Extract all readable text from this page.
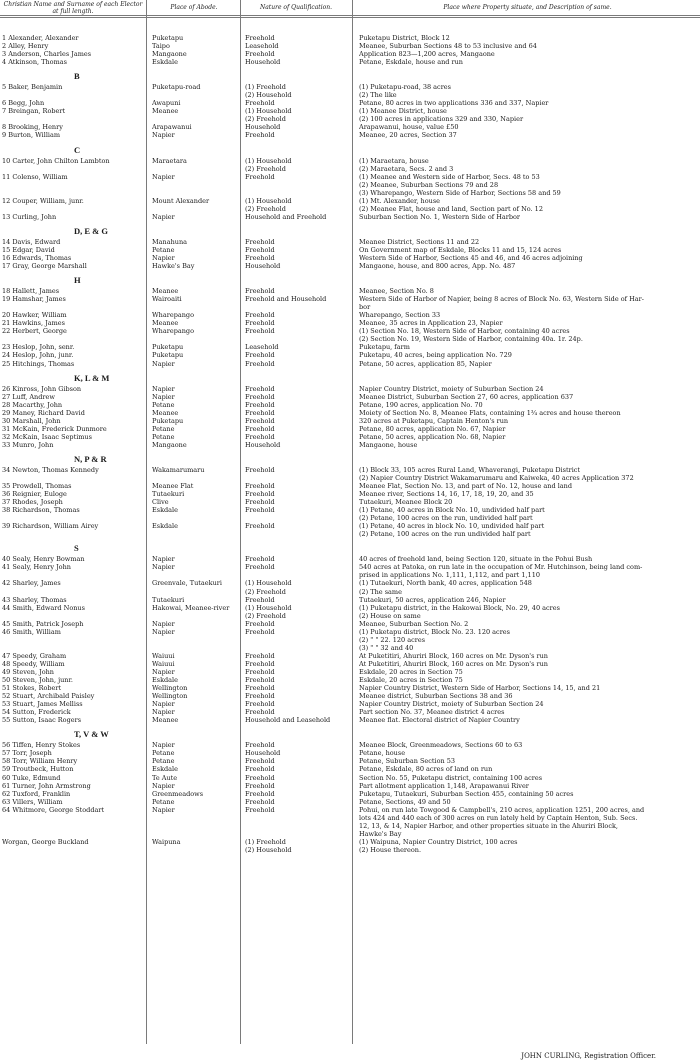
Christian Name and Surname of each Elector at full length.
Place of Abode.	Nature of Qualification.	Place where Property situate, and Description of same.
1 Alexander, Alexander	Puketapu	Freehold	Puketapu District, Block 12
2 Alley, Henry	Taipo	Leasehold	Meanee, Suburban Sections 48 to 53 inclusive and 64
3 Anderson, Charles James	Mangaone	Freehold	Application 823—1,200 acres, Mangaone
4 Atkinson, Thomas	Eskdale	Household	Petane, Eskdale, house and run
B
5 Baker, Benjamin	Puketapu-road	(1) Freehold	(1) Puketapu-road, 38 acres
(2) Household	(2) The like
6 Begg, John	Awapuni	Freehold	Petane, 80 acres in two applications 336 and 337, Napier
7 Breingan, Robert	Meanee	(1) Household	(1) Meanee District, house
(2) Freehold	(2) 100 acres in applications 329 and 330, Napier
8 Brooking, Henry	Arapawanui	Household	Arapawanui, house, value £50
9 Burton, William	Napier	Freehold	Meanee, 20 acres, Section 37
C
10 Carter, John Chilton Lambton	Maraetara	(1) Household	(1) Maraetara, house
(2) Freehold	(2) Maraetara, Secs. 2 and 3
11 Colenso, William	Napier	Freehold	(1) Meanee and Western side of Harbor, Secs. 48 to 53
(2) Meanee, Suburban Sections 79 and 28
(3) Wharepango, Western Side of Harbor, Sections 58 and 59
12 Couper, William, junr.	Mount Alexander	(1) Household	(1) Mt. Alexander, house
(2) Freehold	(2) Meanee Flat, house and land, Section part of No. 12
13 Curling, John	Napier	Household and Freehold	Suburban Section No. 1, Western Side of Harbor
D, E & G
14 Davis, Edward	Manahuna	Freehold	Meanee District, Sections 11 and 22
15 Edgar, David	Petane	Freehold	On Government map of Eskdale, Blocks 11 and 15, 124 acres
16 Edwards, Thomas	Napier	Freehold	Western Side of Harbor, Sections 45 and 46, and 46 acres adjoining
17 Gray, George Marshall	Hawke's Bay	Household	Mangaone, house, and 800 acres, App. No. 487
H
18 Hallett, James	Meanee	Freehold	Meanee, Section No. 8
19 Hamshar, James	Wairoaiti	Freehold and Household	Western Side of Harbor of Napier, being 8 acres of Block No. 63, Western Side of Har-
bor
20 Hawker, William	Wharepango	Freehold	Wharepango, Section 33
21 Hawkins, James	Meanee	Freehold	Meanee, 35 acres in Application 23, Napier
22 Herbert, George	Wharepango	Freehold	(1) Section No. 18, Western Side of Harbor, containing 40 acres
(2) Section No. 19, Western Side of Harbor, containing 40a. 1r. 24p.
23 Heslop, John, senr.	Puketapu	Leasehold	Puketapu, farm
24 Heslop, John, junr.	Puketapu	Freehold	Puketapu, 40 acres, being application No. 729
25 Hitchings, Thomas	Napier	Freehold	Petane, 50 acres, application 85, Napier
K, L & M
26 Kinross, John Gibson	Napier	Freehold	Napier Country District, moiety of Suburban Section 24
27 Luff, Andrew	Napier	Freehold	Meanee District, Suburban Section 27, 60 acres, application 637
28 Macarthy, John	Petane	Freehold	Petane, 190 acres, application No. 70
29 Maney, Richard David	Meanee	Freehold	Moiety of Section No. 8, Meanee Flats, containing 1¾ acres and house thereon
30 Marshall, John	Puketapu	Freehold	320 acres at Puketapu, Captain Henton's run
31 McKain, Frederick Dunmore	Petane	Freehold	Petane, 80 acres, application No. 67, Napier
32 McKain, Isaac Septimus	Petane	Freehold	Petane, 50 acres, application No. 68, Napier
33 Munro, John	Mangaone	Household	Mangaone, house
N, P & R
34 Newton, Thomas Kennedy	Wakamarumaru	Freehold	(1) Block 33, 105 acres Rural Land, Whaverangi, Puketapu District
(2) Napier Country District Wakamarumaru and Kaiweka, 40 acres Application 372
35 Prowdell, Thomas	Meanee Flat	Freehold	Meanee Flat, Section No. 13, and part of No. 12, house and land
36 Reignier, Euloge	Tutaekuri	Freehold	Meanee river, Sections 14, 16, 17, 18, 19, 20, and 35
37 Rhodes, Joseph	Clive	Freehold	Tutaekuri, Meanee Block 20
38 Richardson, Thomas	Eskdale	Freehold	(1) Petane, 40 acres in Block No. 10, undivided half part
(2) Petane, 100 acres on the run, undivided half part
39 Richardson, William Airey	Eskdale	Freehold	(1) Petane, 40 acres in block No. 10, undivided half part
(2) Petane, 100 acres on the run undivided half part
S
40 Sealy, Henry Bowman	Napier	Freehold	40 acres of freehold land, being Section 120, situate in the Pohui Bush
41 Sealy, Henry John	Napier	Freehold	540 acres at Patoka, on run late in the occupation of Mr. Hutchinson, being land com-
prised in applications No. 1,111, 1,112, and part 1,110
42 Sharley, James	Greenvale, Tutaekuri	(1) Household	(1) Tutaekuri, North bank, 40 acres, application 548
(2) Freehold	(2) The same
43 Sharley, Thomas	Tutaekuri	Freehold	Tutaekuri, 50 acres, application 246, Napier
44 Smith, Edward Nonus	Hakowai, Meanee-river	(1) Household	(1) Puketapu district, in the Hakowai Block, No. 29, 40 acres
(2) Freehold	(2) House on same
45 Smith, Patrick Joseph	Napier	Freehold	Meanee, Suburban Section No. 2
46 Smith, William	Napier	Freehold	(1) Puketapu district, Block No. 23. 120 acres
(2) " " 22. 120 acres
(3) " " 32 and 40
47 Speedy, Graham	Waiuui	Freehold	At Puketitiri, Ahuriri Block, 160 acres on Mr. Dyson's run
48 Speedy, William	Waiuui	Freehold	At Puketitiri, Ahuriri Block, 160 acres on Mr. Dyson's run
49 Steven, John	Napier	Freehold	Eskdale, 20 acres in Section 75
50 Steven, John, junr.	Eskdale	Freehold	Eskdale, 20 acres in Section 75
51 Stokes, Robert	Wellington	Freehold	Napier Country District, Western Side of Harbor, Sections 14, 15, and 21
52 Stuart, Archibald Paisley	Wellington	Freehold	Meanee district, Suburban Sections 38 and 36
53 Stuart, James Melliss	Napier	Freehold	Napier Country District, moiety of Suburban Section 24
54 Sutton, Frederick	Napier	Freehold	Part section No. 37, Meanee district 4 acres
55 Sutton, Isaac Rogers	Meanee	Household and Leasehold	Meanee flat. Electoral district of Napier Country
T, V & W
56 Tiffen, Henry Stokes	Napier	Freehold	Meanee Block, Greenmeadows, Sections 60 to 63
57 Torr, Joseph	Petane	Household	Petane, house
58 Torr, William Henry	Petane	Freehold	Petane, Suburban Section 53
59 Troutbeck, Hutton	Eskdale	Freehold	Petane, Eskdale, 80 acres of land on run
60 Tuke, Edmund	Te Aute	Freehold	Section No. 55, Puketapu district, containing 100 acres
61 Turner, John Armstrong	Napier	Freehold	Part allotment application 1,148, Arapawanui River
62 Tuxford, Franklin	Greenmeadows	Freehold	Puketapu, Tutaekuri, Suburban Section 455, containing 50 acres
63 Villers, William	Petane	Freehold	Petane, Sections, 49 and 50
64 Whitmore, George Stoddart	Napier	Freehold	Pohui, on run late Towgood & Campbell's, 210 acres, application 1251, 200 acres, and
lots 424 and 440 each of 300 acres on run lately held by Captain Henton, Sub. Secs.
12, 13, & 14, Napier Harbor, and other properties situate in the Ahuriri Block,
Hawke's Bay
Worgan, George Buckland	Waipuna	(1) Freehold	(1) Waipuna, Napier Country District, 100 acres
(2) Household	(2) House thereon.
JOHN CURLING, Registration Officer.
